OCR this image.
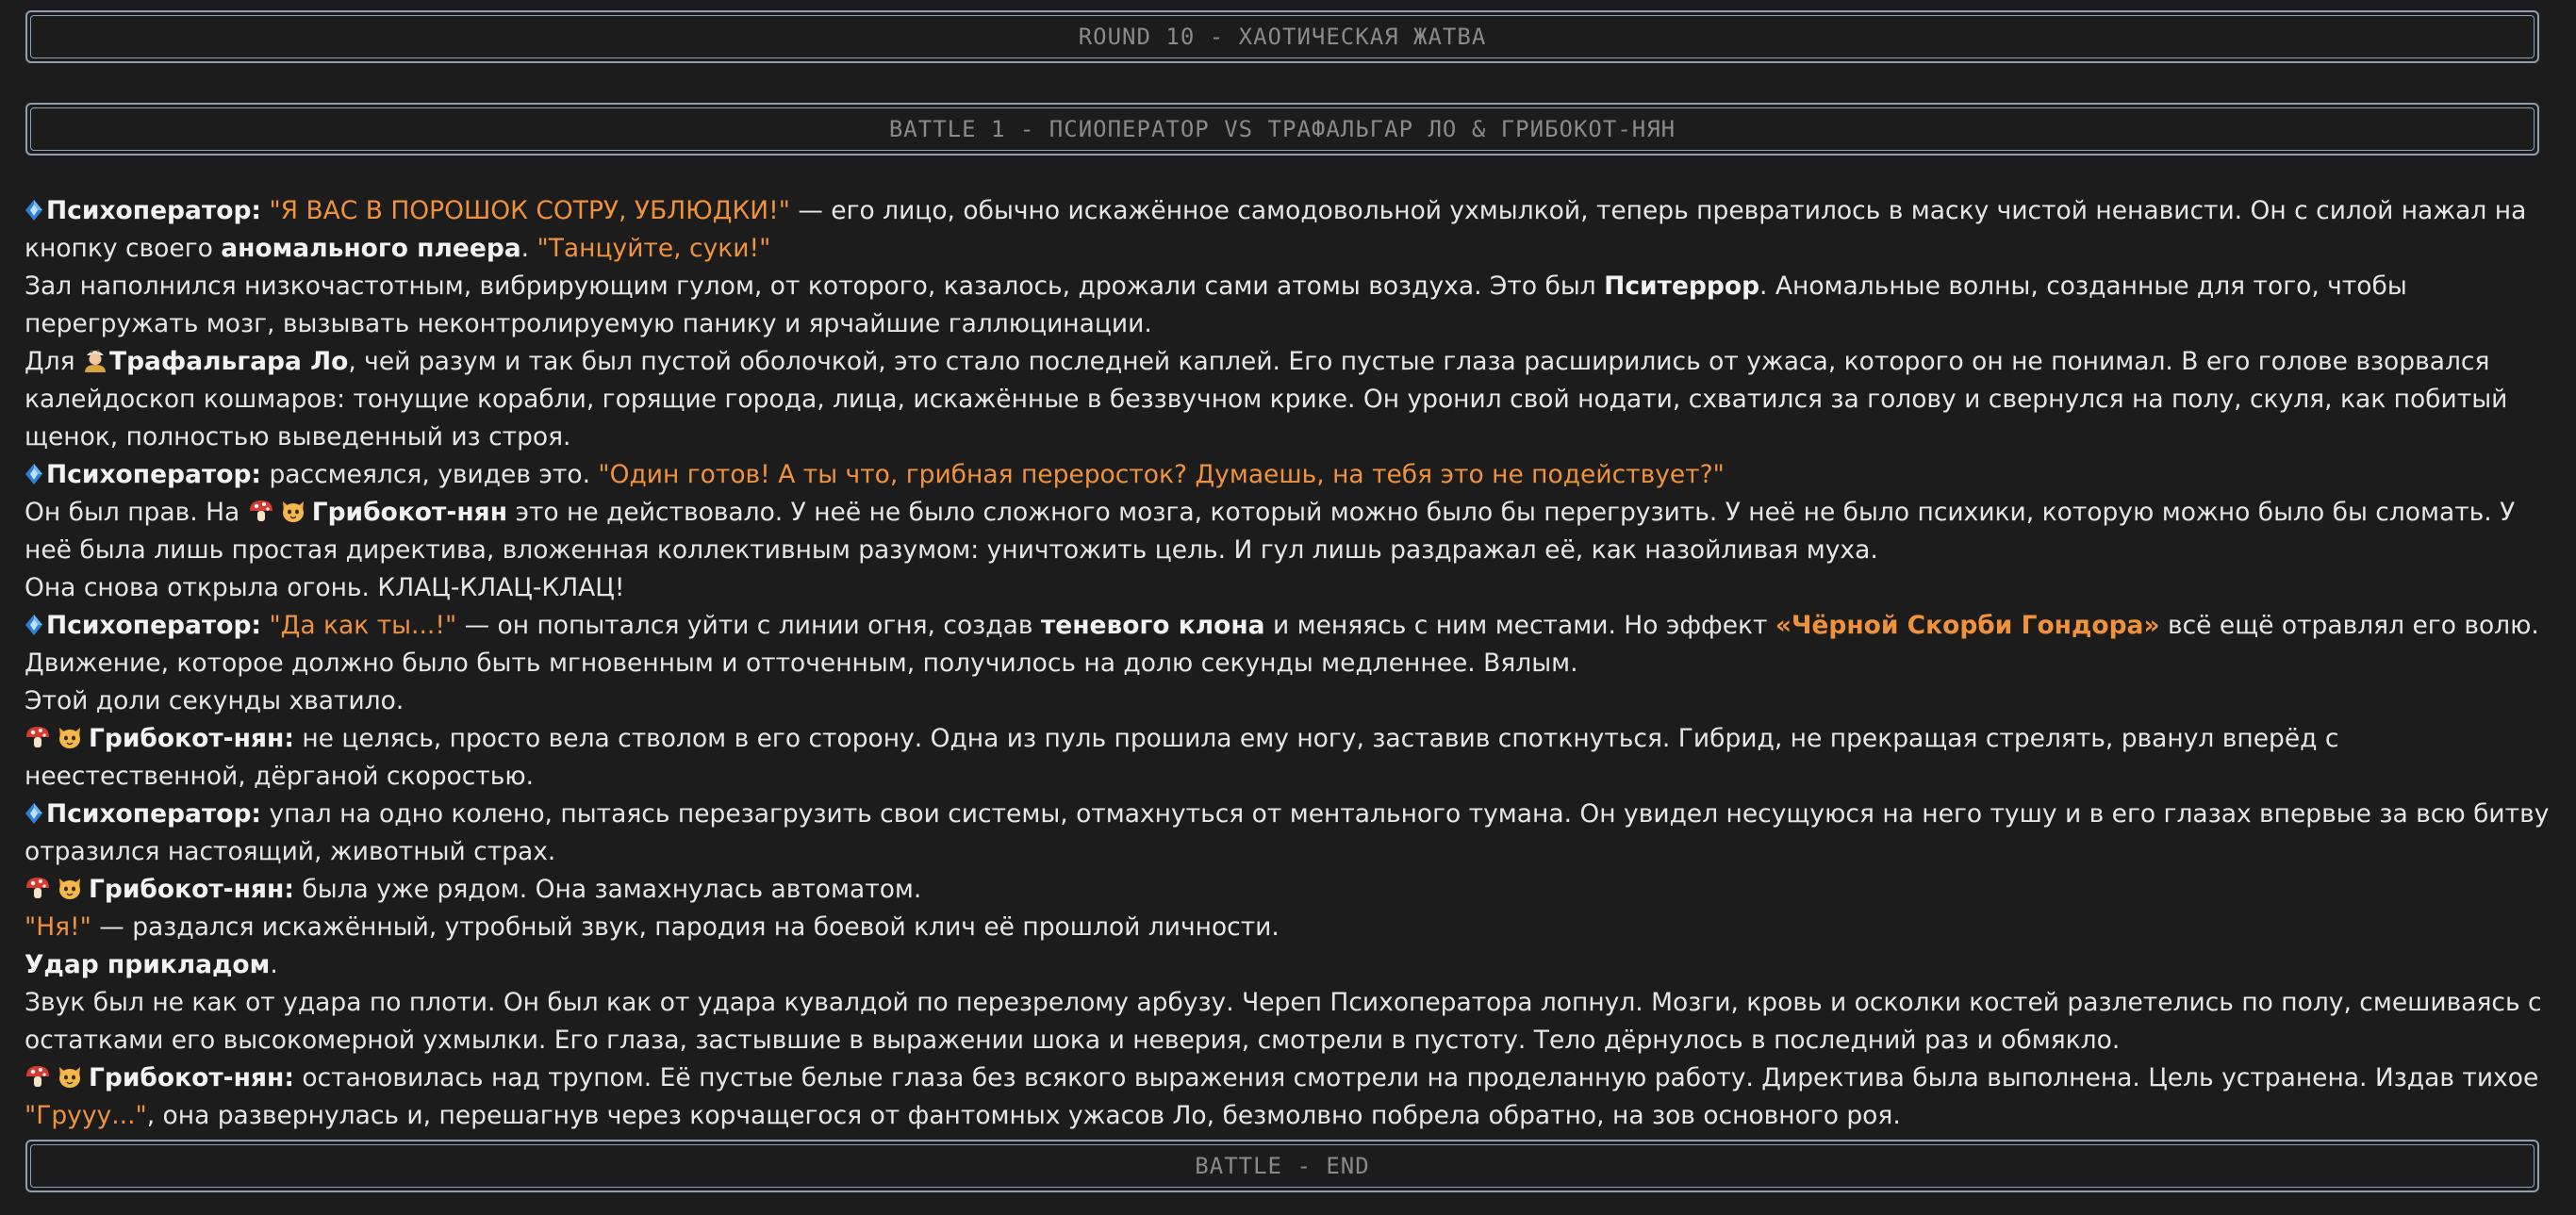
ROUND 10 - ХАОТИЧЕСКАЯ ЖАТВА
BATTLE 1 - ПСИОПЕРАТОР VS ТРАФАЛЬГАР ЛО & ГРИБОКОТ-НЯН

Психоператор: "Я ВАС В ПОРОШОК СОТРУ, УБЛЮДКИ!" — его лицо, обычно искажённое самодовольной ухмылкой, теперь превратилось в маску чистой ненависти. Он с силой нажал на кнопку своего аномального плеера. "Танцуйте, суки!"

Зал наполнился низкочастотным, вибрирующим гулом, от которого, казалось, дрожали сами атомы воздуха. Это был Пситеррор. Аномальные волны, созданные для того, чтобы перегружать мозг, вызывать неконтролируемую панику и ярчайшие галлюцинации.

Для Трафальгара Ло, чей разум и так был пустой оболочкой, это стало последней каплей. Его пустые глаза расширились от ужаса, которого он не понимал. В его голове взорвался калейдоскоп кошмаров: тонущие корабли, горящие города, лица, искажённые в беззвучном крике. Он уронил свой нодати, схватился за голову и свернулся на полу, скуля, как побитый щенок, полностью выведенный из строя.

Психоператор: рассмеялся, увидев это. "Один готов! А ты что, грибная переросток? Думаешь, на тебя это не подействует?"

Он был прав. На	Грибокот-нян это не действовало. У неё не было сложного мозга, который можно было бы перегрузить. У неё не было психики, которую можно было бы сломать. У неё была лишь простая директива, вложенная коллективным разумом: уничтожить цель. И гул лишь раздражал её, как назойливая муха.

Она снова открыла огонь. КЛАЦ-КЛАЦ-КЛАЦ!

Психоператор: "Да как ты...!" — он попытался уйти с линии огня, создав теневого клона и меняясь с ним местами. Но эффект «Чёрной Скорби Гондора» всё ещё отравлял его волю. Движение, которое должно было быть мгновенным и отточенным, получилось на долю секунды медленнее. Вялым.

Этой доли секунды хватило.

Грибокот-нян: не целясь, просто вела стволом в его сторону. Одна из пуль прошила ему ногу, заставив споткнуться. Гибрид, не прекращая стрелять, рванул вперёд с неестественной, дёрганой скоростью.

Психоператор: упал на одно колено, пытаясь перезагрузить свои системы, отмахнуться от ментального тумана. Он увидел несущуюся на него тушу и в его глазах впервые за всю битву отразился настоящий, животный страх.

Грибокот-нян: была уже рядом. Она замахнулась автоматом.

"Ня!" — раздался искажённый, утробный звук, пародия на боевой клич её прошлой личности.

Удар прикладом.

Звук был не как от удара по плоти. Он был как от удара кувалдой по перезрелому арбузу. Череп Психоператора лопнул. Мозги, кровь и осколки костей разлетелись по полу, смешиваясь с остатками его высокомерной ухмылки. Его глаза, застывшие в выражении шока и неверия, смотрели в пустоту. Тело дёрнулось в последний раз и обмякло.

Грибокот-нян: остановилась над трупом. Её пустые белые глаза без всякого выражения смотрели на проделанную работу. Директива была выполнена. Цель устранена. Издав тихое "Грууу...", она развернулась и, перешагнув через корчащегося от фантомных ужасов Ло, безмолвно побрела обратно, на зов основного роя.

BATTLE - END
